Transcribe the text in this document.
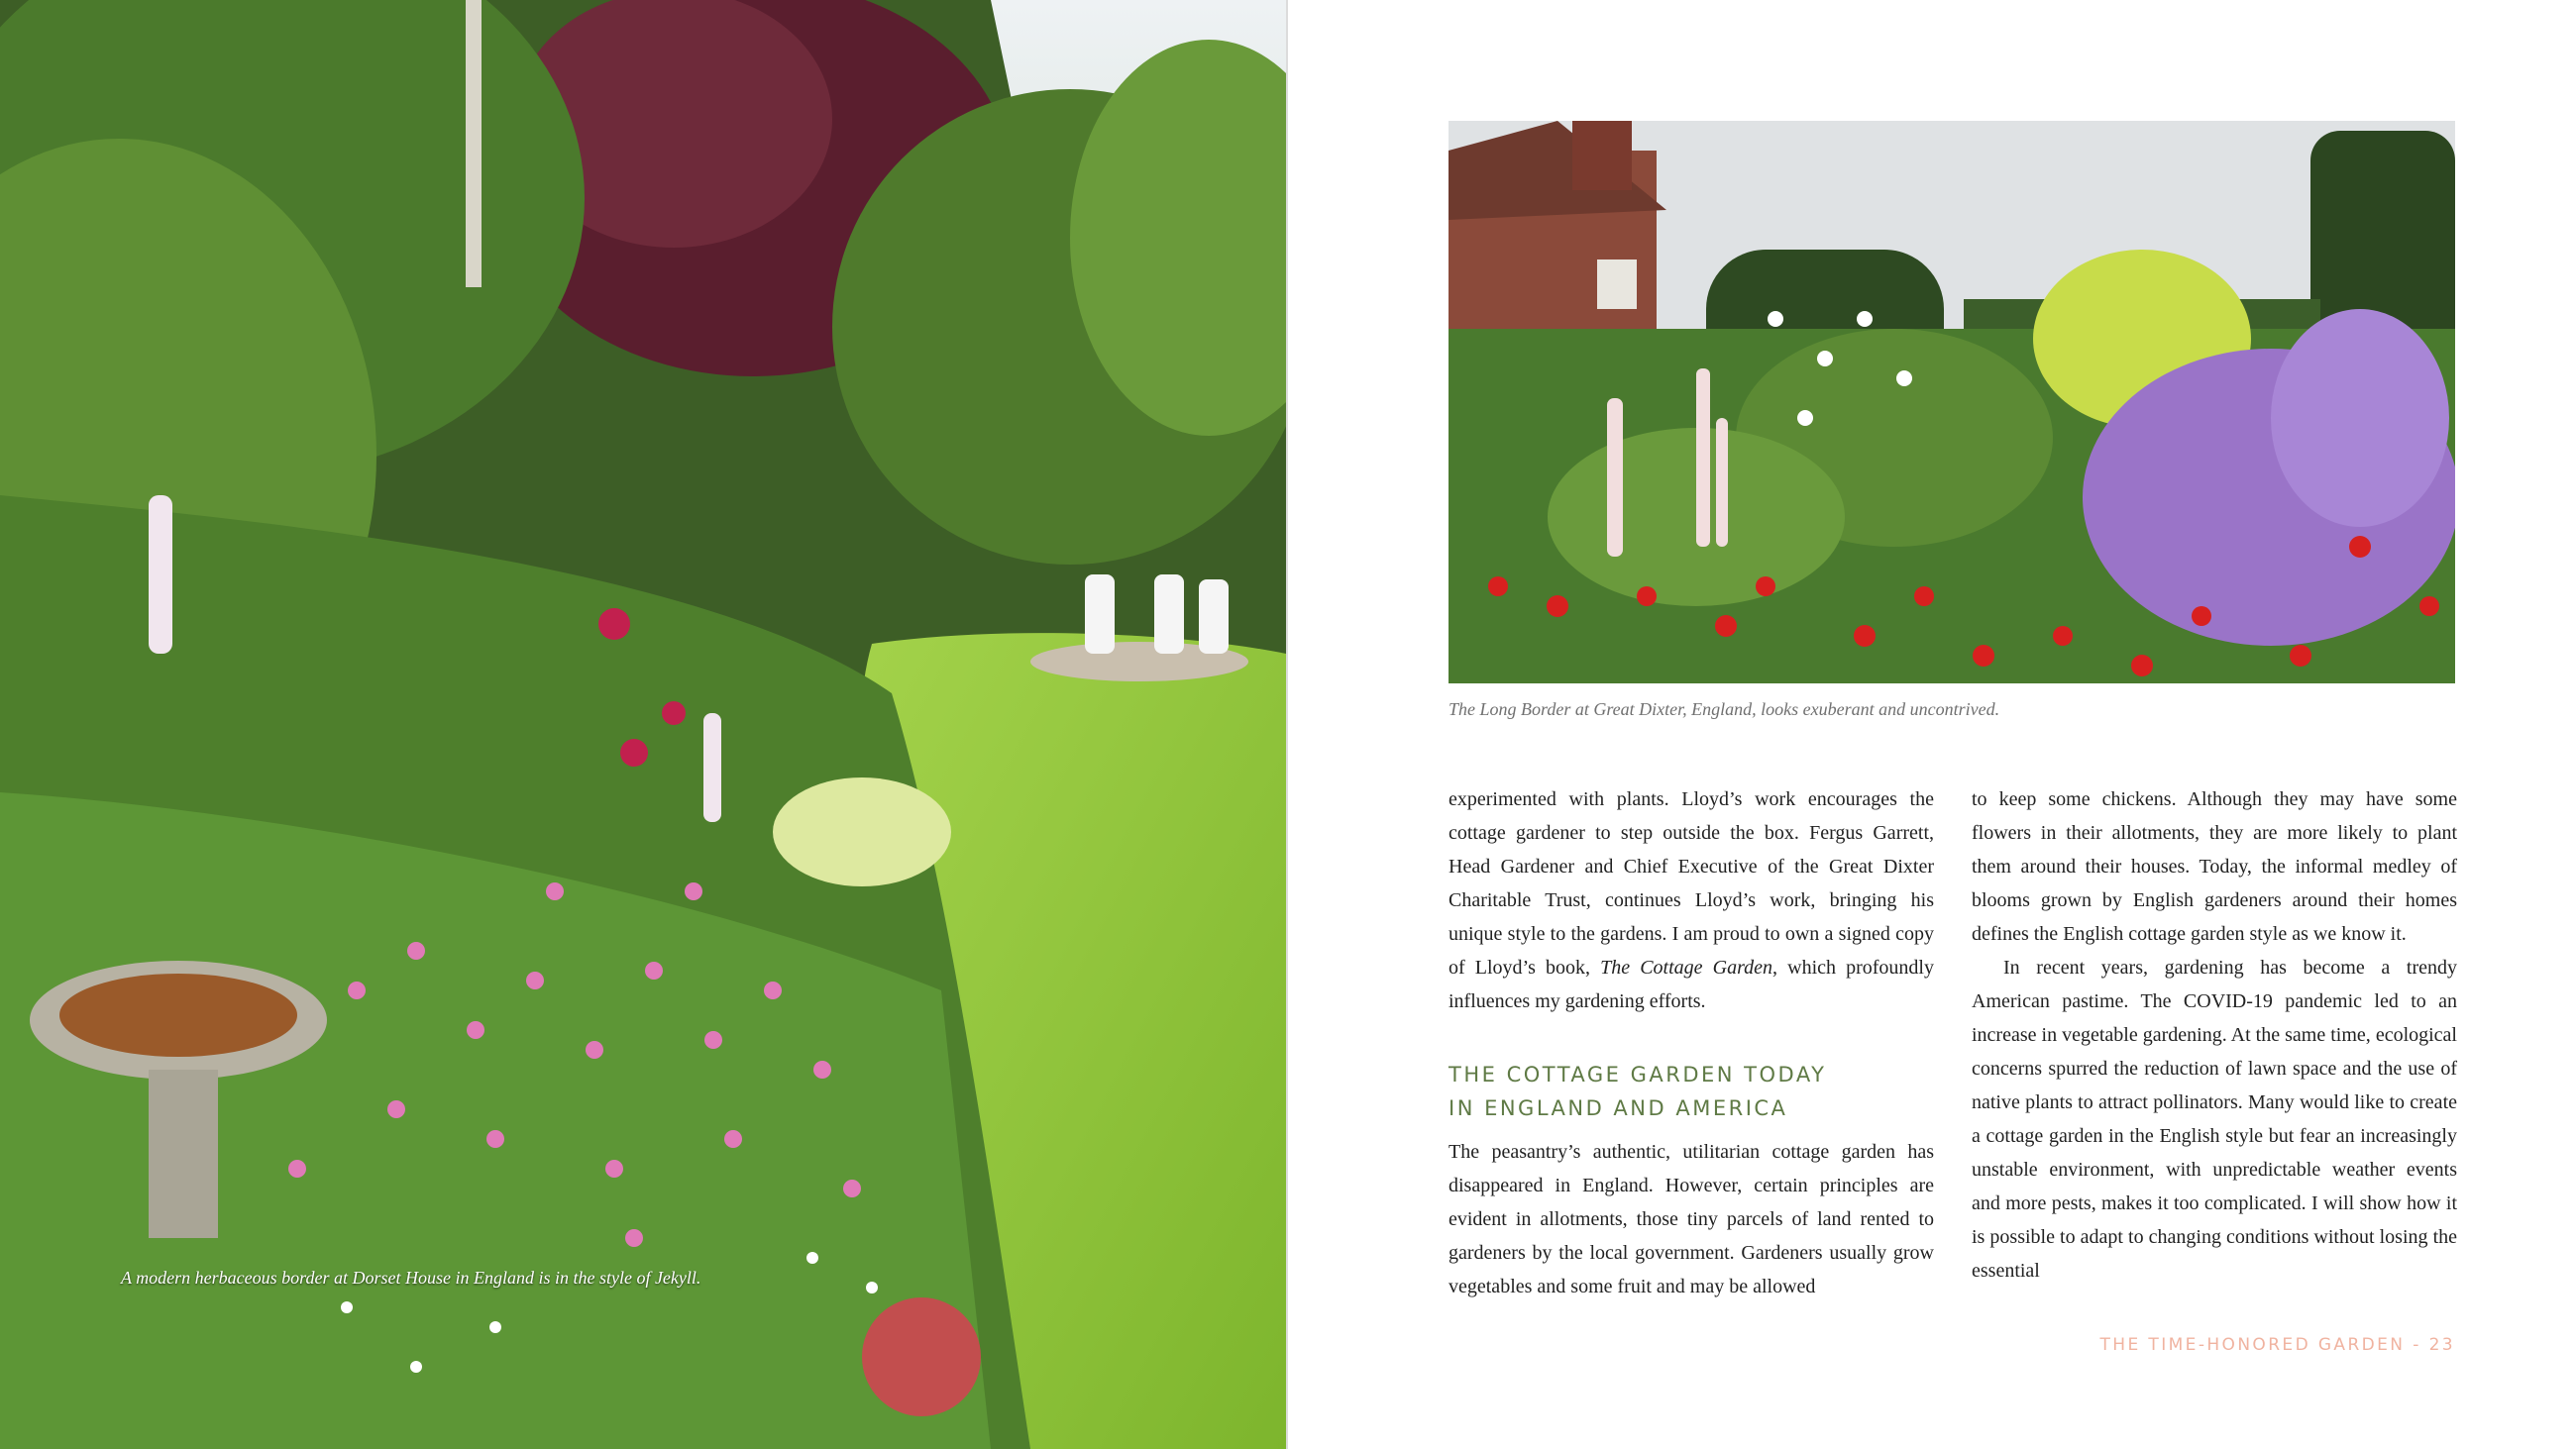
A modern herbaceous border at Dorset House in England is in the style of Jekyll.
The Long Border at Great Dixter, England, looks exuberant and uncontrived.

experimented with plants. Lloyd’s work encourages the cottage gardener to step outside the box. Fergus Garrett, Head Gardener and Chief Executive of the Great Dixter Charitable Trust, continues Lloyd’s work, bringing his unique style to the gardens. I am proud to own a signed copy of Lloyd’s book, The Cottage Garden, which profoundly influences my gardening efforts.

THE COTTAGE GARDEN TODAY
IN ENGLAND AND AMERICA

The peasantry’s authentic, utilitarian cottage garden has disappeared in England. However, certain principles are evident in allotments, those tiny parcels of land rented to gardeners by the local government. Gardeners usually grow vegetables and some fruit and may be allowed

to keep some chickens. Although they may have some flowers in their allotments, they are more likely to plant them around their houses. Today, the informal medley of blooms grown by English gardeners around their homes defines the English cottage garden style as we know it.

In recent years, gardening has become a trendy American pastime. The COVID-19 pandemic led to an increase in vegetable gardening. At the same time, ecological concerns spurred the reduction of lawn space and the use of native plants to attract pollinators. Many would like to create a cottage garden in the English style but fear an increasingly unstable environment, with unpredictable weather events and more pests, makes it too complicated. I will show how it is possible to adapt to changing conditions without losing the essential

THE TIME-HONORED GARDEN - 23
